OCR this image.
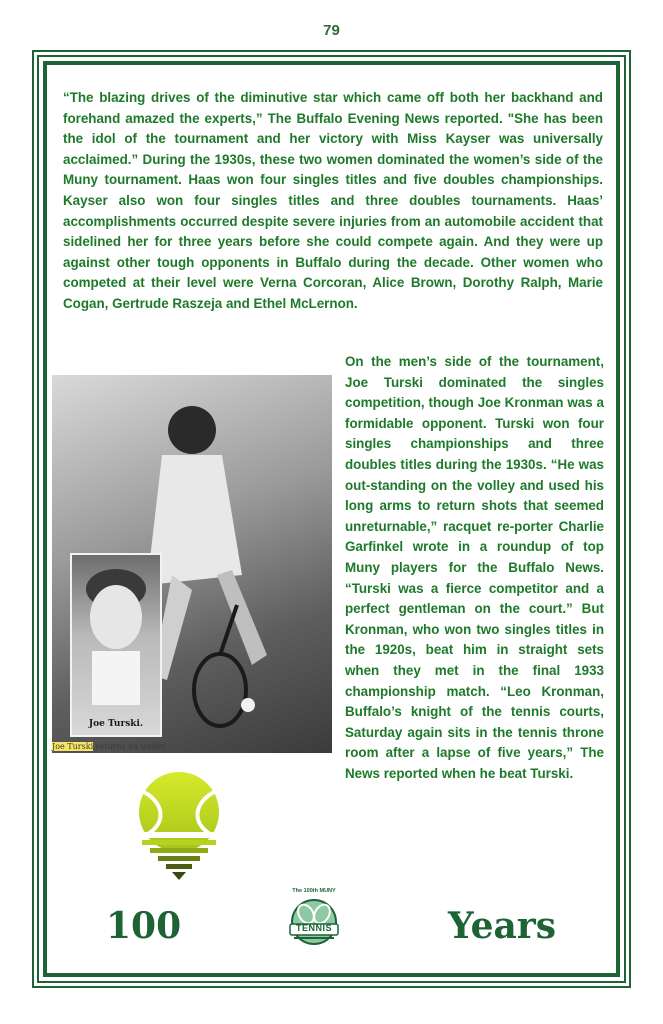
79

“The blazing drives of the diminutive star which came off both her backhand and forehand amazed the experts,” The Buffalo Evening News reported. "She has been the idol of the tournament and her victory with Miss Kayser was universally acclaimed.” During the 1930s, these two women dominated the women’s side of the Muny tournament. Haas won four singles titles and five doubles championships. Kayser also won four singles titles and three doubles tournaments. Haas’ accomplishments occurred despite severe injuries from an automobile accident that sidelined her for three years before she could compete again. And they were up against other tough opponents in Buffalo during the decade. Other women who competed at their level were Verna Corcoran, Alice Brown, Dorothy Ralph, Marie Cogan, Gertrude Raszeja and Ethel McLernon.

Joe Turski.
Joe Turski returns an under-

On the men’s side of the tournament, Joe Turski dominated the singles competition, though Joe Kronman was a formidable opponent. Turski won four singles championships and three doubles titles during the 1930s. “He was out-standing on the volley and used his long arms to return shots that seemed unreturnable,” racquet re-porter Charlie Garfinkel wrote in a roundup of top Muny players for the Buffalo News. “Turski was a fierce competitor and a perfect gentleman on the court.” But Kronman, who won two singles titles in the 1920s, beat him in straight sets when they met in the final 1933 championship match. “Leo Kronman, Buffalo’s knight of the tennis courts, Saturday again sits in the tennis throne room after a lapse of five years,” The News reported when he beat Turski.

100
The 100th MUNY
TENNIS	Years
